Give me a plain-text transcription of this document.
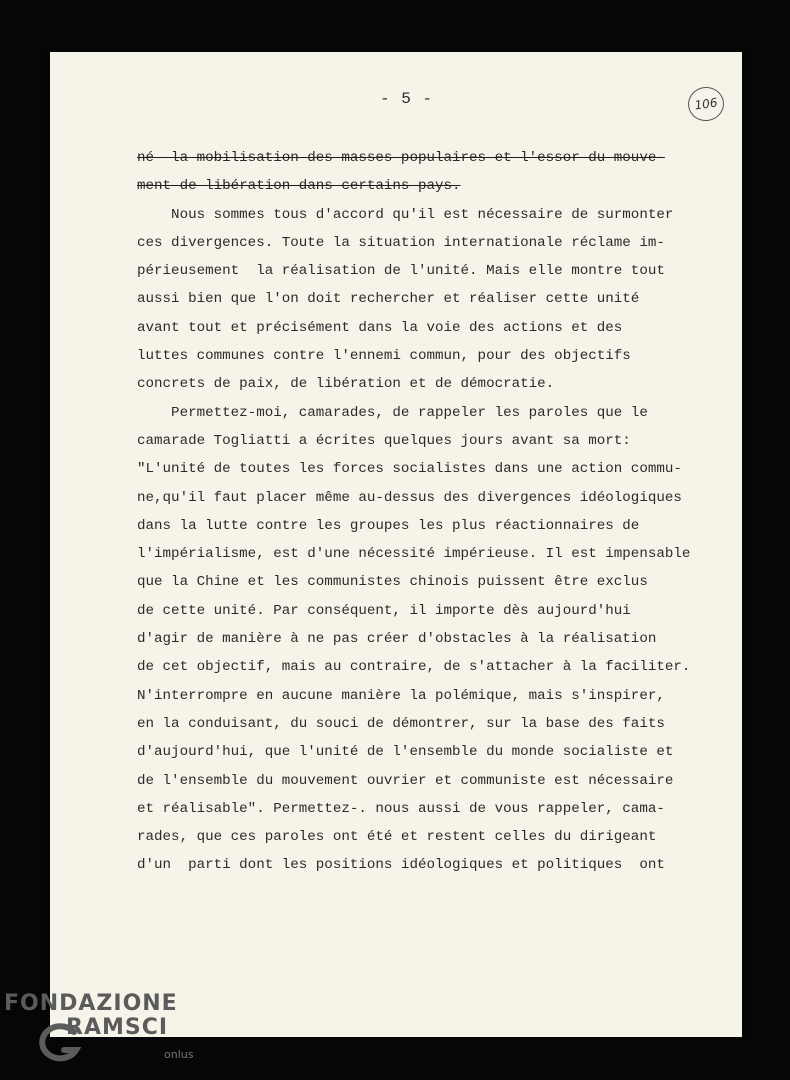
- 5 -	106
né  la mobilisation des masses populaires et l'essor du mouve-
ment de libération dans certains pays.
Nous sommes tous d'accord qu'il est nécessaire de surmonter
ces divergences. Toute la situation internationale réclame im-
périeusement  la réalisation de l'unité. Mais elle montre tout
aussi bien que l'on doit rechercher et réaliser cette unité
avant tout et précisément dans la voie des actions et des
luttes communes contre l'ennemi commun, pour des objectifs
concrets de paix, de libération et de démocratie.
Permettez-moi, camarades, de rappeler les paroles que le
camarade Togliatti a écrites quelques jours avant sa mort:
"L'unité de toutes les forces socialistes dans une action commu-
ne,qu'il faut placer même au-dessus des divergences idéologiques
dans la lutte contre les groupes les plus réactionnaires de
l'impérialisme, est d'une nécessité impérieuse. Il est impensable
que la Chine et les communistes chinois puissent être exclus
de cette unité. Par conséquent, il importe dès aujourd'hui
d'agir de manière à ne pas créer d'obstacles à la réalisation
de cet objectif, mais au contraire, de s'attacher à la faciliter.
N'interrompre en aucune manière la polémique, mais s'inspirer,
en la conduisant, du souci de démontrer, sur la base des faits
d'aujourd'hui, que l'unité de l'ensemble du monde socialiste et
de l'ensemble du mouvement ouvrier et communiste est nécessaire
et réalisable". Permettez-. nous aussi de vous rappeler, cama-
rades, que ces paroles ont été et restent celles du dirigeant
d'un  parti dont les positions idéologiques et politiques  ont
FONDAZIONE
RAMSCI
onlus
